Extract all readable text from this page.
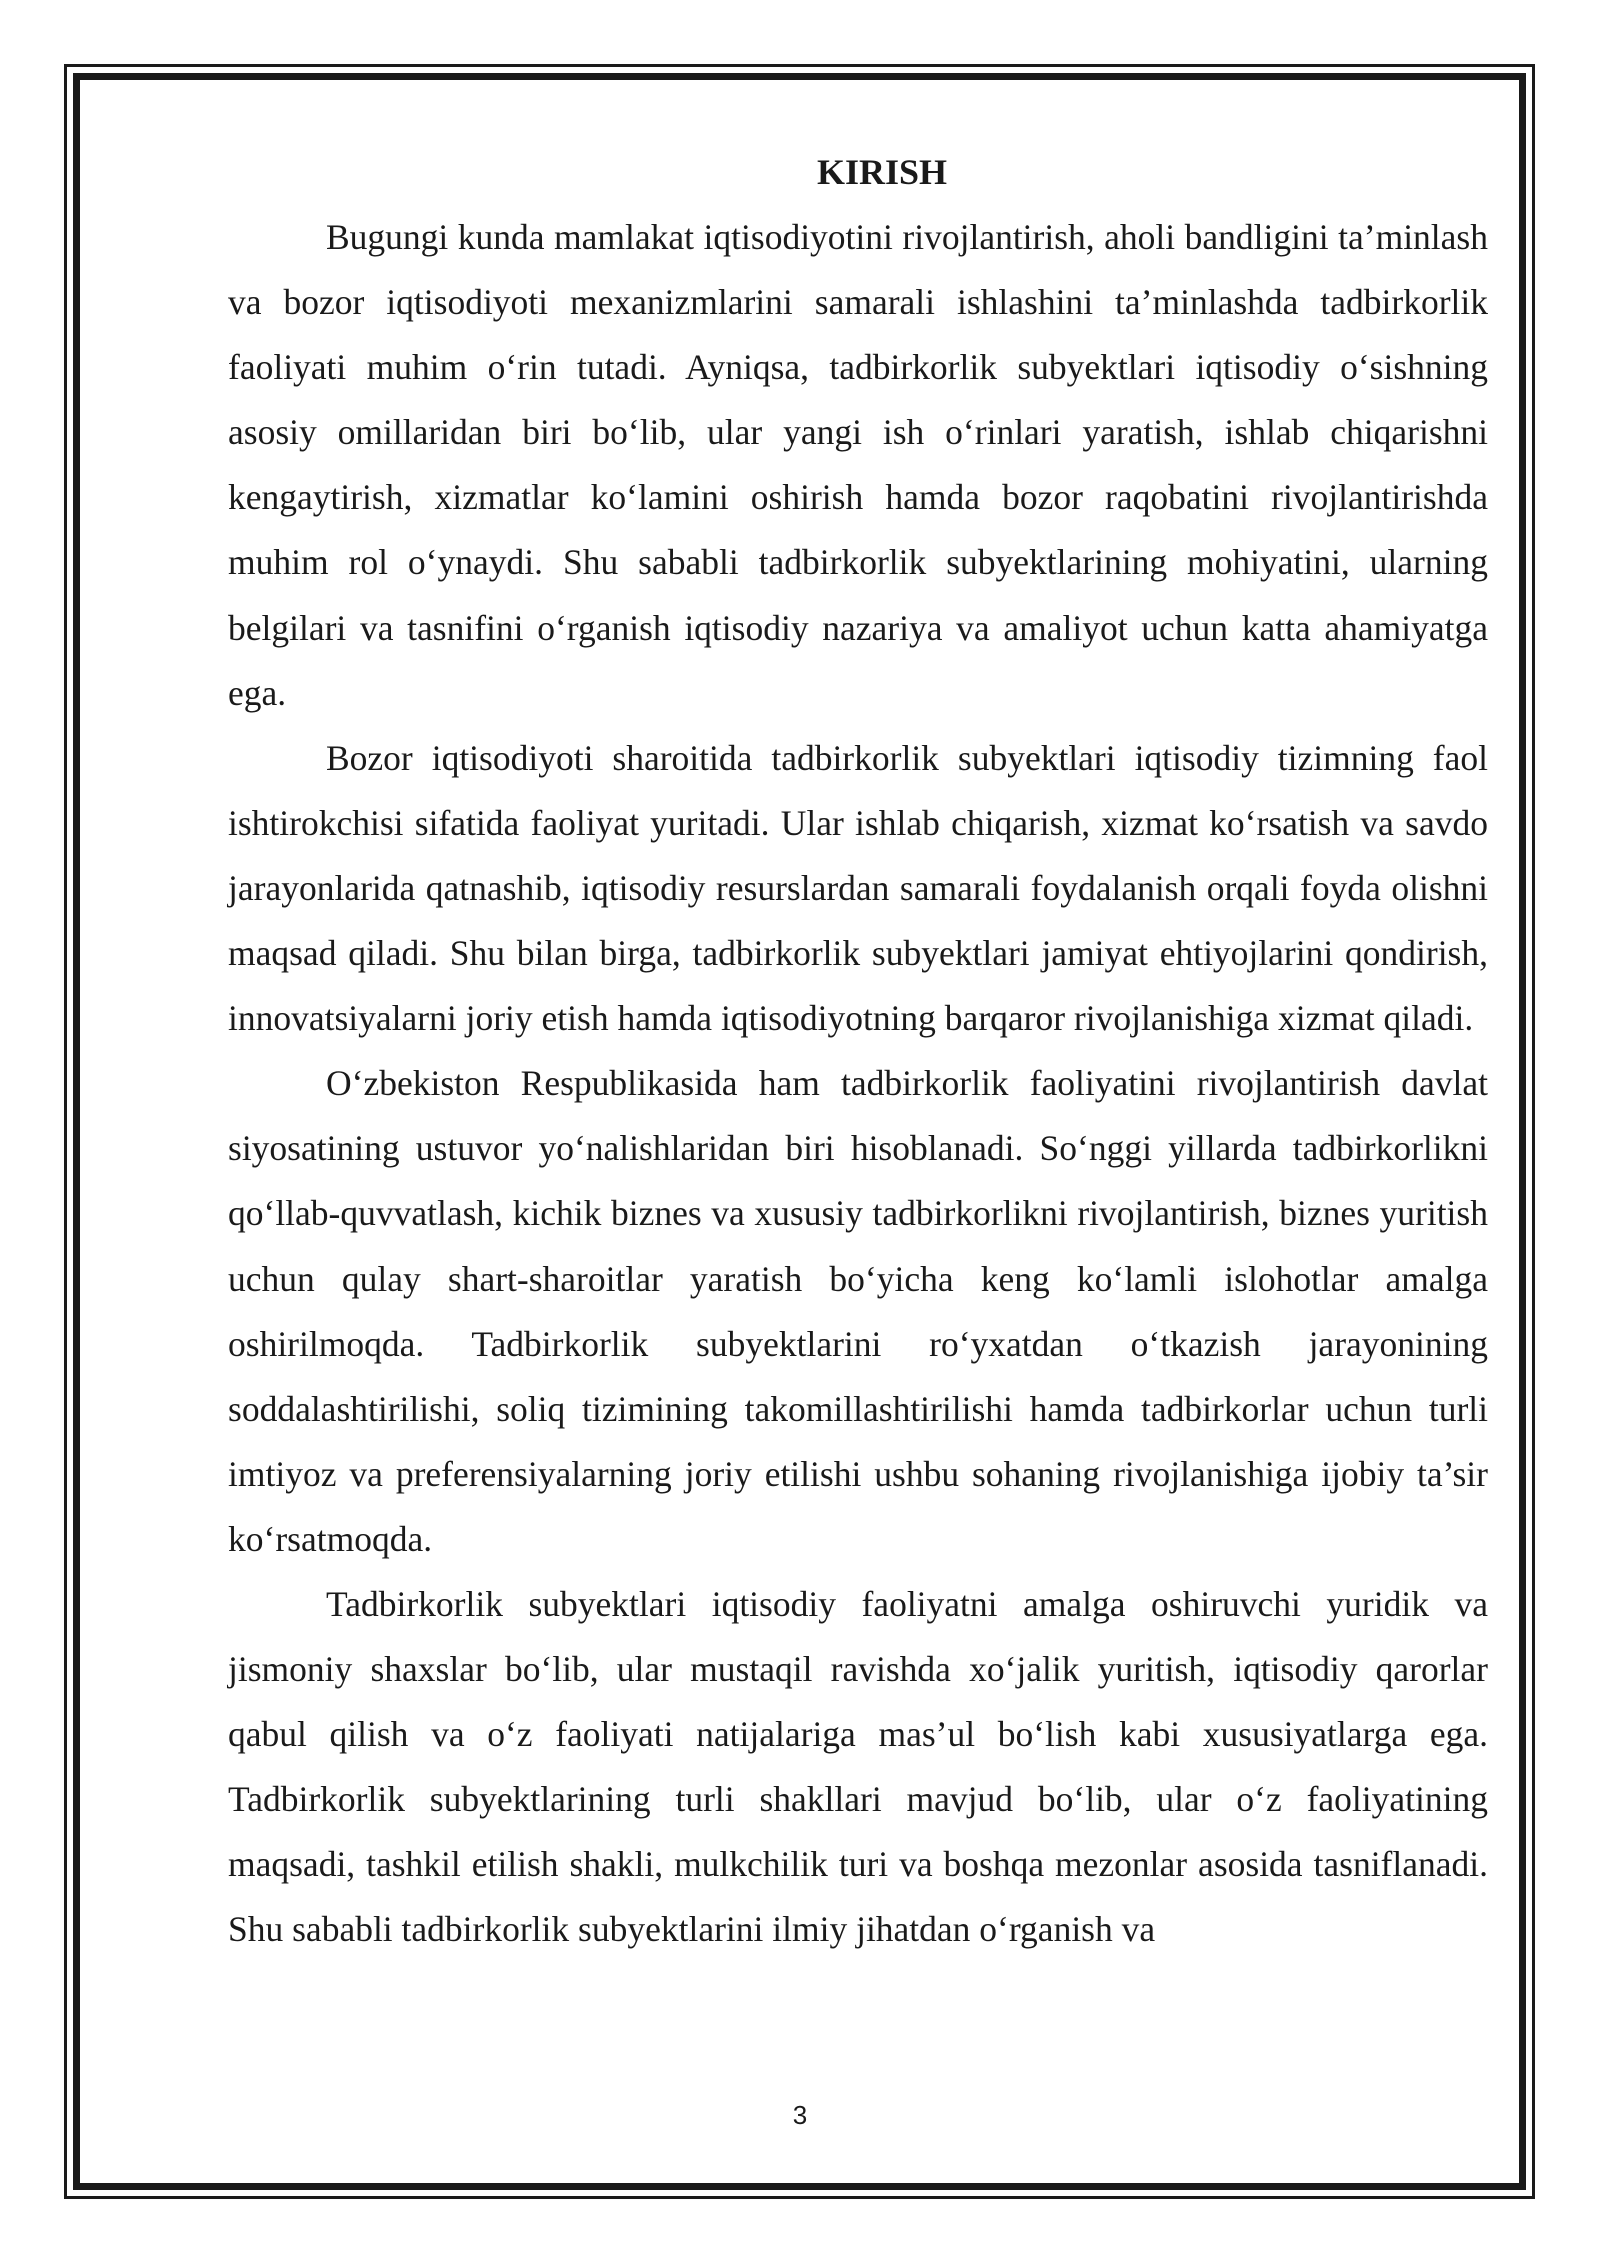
KIRISH

Bugungi kunda mamlakat iqtisodiyotini rivojlantirish, aholi bandligini ta’minlash va bozor iqtisodiyoti mexanizmlarini samarali ishlashini ta’minlashda tadbirkorlik faoliyati muhim o‘rin tutadi. Ayniqsa, tadbirkorlik subyektlari iqtisodiy o‘sishning asosiy omillaridan biri bo‘lib, ular yangi ish o‘rinlari yaratish, ishlab chiqarishni kengaytirish, xizmatlar ko‘lamini oshirish hamda bozor raqobatini rivojlantirishda muhim rol o‘ynaydi. Shu sababli tadbirkorlik subyektlarining mohiyatini, ularning belgilari va tasnifini o‘rganish iqtisodiy nazariya va amaliyot uchun katta ahamiyatga ega.

Bozor iqtisodiyoti sharoitida tadbirkorlik subyektlari iqtisodiy tizimning faol ishtirokchisi sifatida faoliyat yuritadi. Ular ishlab chiqarish, xizmat ko‘rsatish va savdo jarayonlarida qatnashib, iqtisodiy resurslardan samarali foydalanish orqali foyda olishni maqsad qiladi. Shu bilan birga, tadbirkorlik subyektlari jamiyat ehtiyojlarini qondirish, innovatsiyalarni joriy etish hamda iqtisodiyotning barqaror rivojlanishiga xizmat qiladi.

O‘zbekiston Respublikasida ham tadbirkorlik faoliyatini rivojlantirish davlat siyosatining ustuvor yo‘nalishlaridan biri hisoblanadi. So‘nggi yillarda tadbirkorlikni qo‘llab-quvvatlash, kichik biznes va xususiy tadbirkorlikni rivojlantirish, biznes yuritish uchun qulay shart-sharoitlar yaratish bo‘yicha keng ko‘lamli islohotlar amalga oshirilmoqda. Tadbirkorlik subyektlarini ro‘yxatdan o‘tkazish jarayonining soddalashtirilishi, soliq tizimining takomillashtirilishi hamda tadbirkorlar uchun turli imtiyoz va preferensiyalarning joriy etilishi ushbu sohaning rivojlanishiga ijobiy ta’sir ko‘rsatmoqda.

Tadbirkorlik subyektlari iqtisodiy faoliyatni amalga oshiruvchi yuridik va jismoniy shaxslar bo‘lib, ular mustaqil ravishda xo‘jalik yuritish, iqtisodiy qarorlar qabul qilish va o‘z faoliyati natijalariga mas’ul bo‘lish kabi xususiyatlarga ega. Tadbirkorlik subyektlarining turli shakllari mavjud bo‘lib, ular o‘z faoliyatining maqsadi, tashkil etilish shakli, mulkchilik turi va boshqa mezonlar asosida tasniflanadi. Shu sababli tadbirkorlik subyektlarini ilmiy jihatdan o‘rganish va

3
